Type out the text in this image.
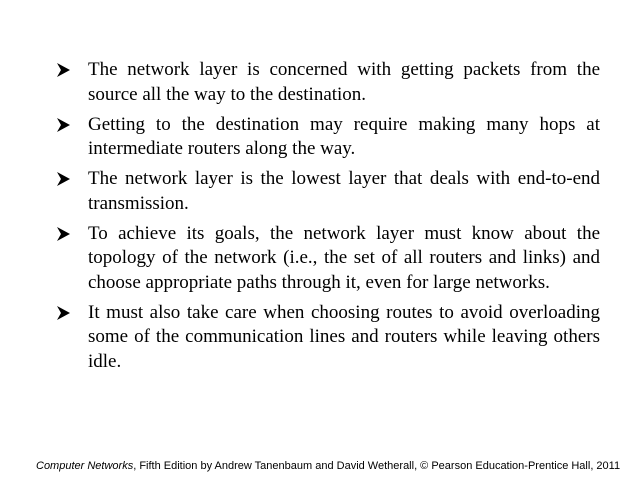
The network layer is concerned with getting packets from the source all the way to the destination.
Getting to the destination may require making many hops at intermediate routers along the way.
The network layer is the lowest layer that deals with end-to-end transmission.
To achieve its goals, the network layer must know about the topology of the network (i.e., the set of all routers and links) and choose appropriate paths through it, even for large networks.
It must also take care when choosing routes to avoid overloading some of the communication lines and routers while leaving others idle.
Computer Networks, Fifth Edition by Andrew Tanenbaum and David Wetherall, © Pearson Education-Prentice Hall, 2011
